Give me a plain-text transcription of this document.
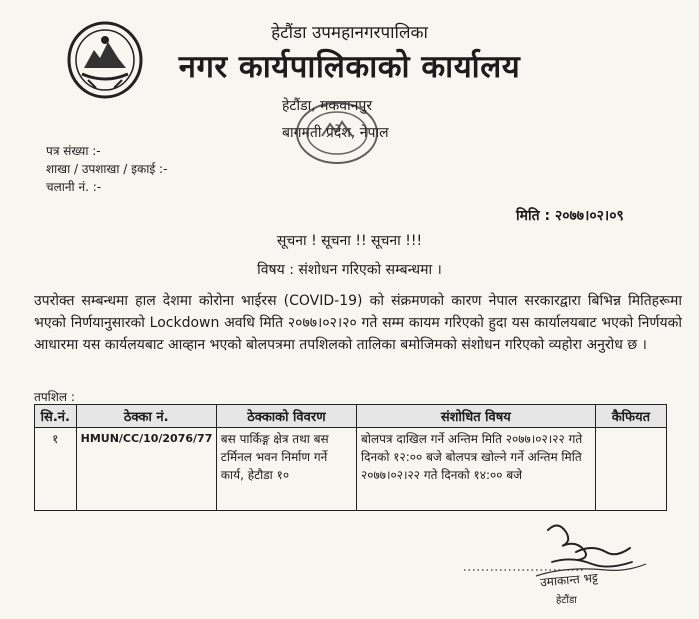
हेटौंडा उपमहानगरपालिका
नगर कार्यपालिकाको कार्यालय
हेटौंडा, मकवानपुर
बागमती प्रदेश, नेपाल
पत्र संख्या :-
शाखा / उपशाखा / इकाई :-
चलानी नं. :-
मिति : २०७७।०२।०९
सूचना ! सूचना !! सूचना !!!
विषय : संशोधन गरिएको सम्बन्धमा ।
उपरोक्त सम्बन्धमा हाल देशमा कोरोना भाईरस (COVID-19) को संक्रमणको कारण नेपाल सरकारद्वारा बिभिन्न मितिहरूमा भएको निर्णयानुसारको Lockdown अवधि मिति २०७७।०२।२० गते सम्म कायम गरिएको हुदा यस कार्यालयबाट भएको निर्णयको आधारमा यस कार्यलयबाट आव्हान भएको बोलपत्रमा तपशिलको तालिका बमोजिमको संशोधन गरिएको व्यहोरा अनुरोध छ ।
तपशिल :
सि.नं.	ठेक्का नं.	ठेक्काको विवरण	संशोधित विषय	कैफियत
१	HMUN/CC/10/2076/77	बस पार्किङ्ग क्षेत्र तथा बस टर्मिनल भवन निर्माण गर्ने कार्य, हेटौडा १०	बोलपत्र दाखिल गर्ने अन्तिम मिति २०७७।०२।२२ गते दिनको १२:०० बजे बोलपत्र खोल्ने गर्ने अन्तिम मिति २०७७।०२।२२ गते दिनको १४:०० बजे	
उमाकान्त भट्ट
हेटौंडा
